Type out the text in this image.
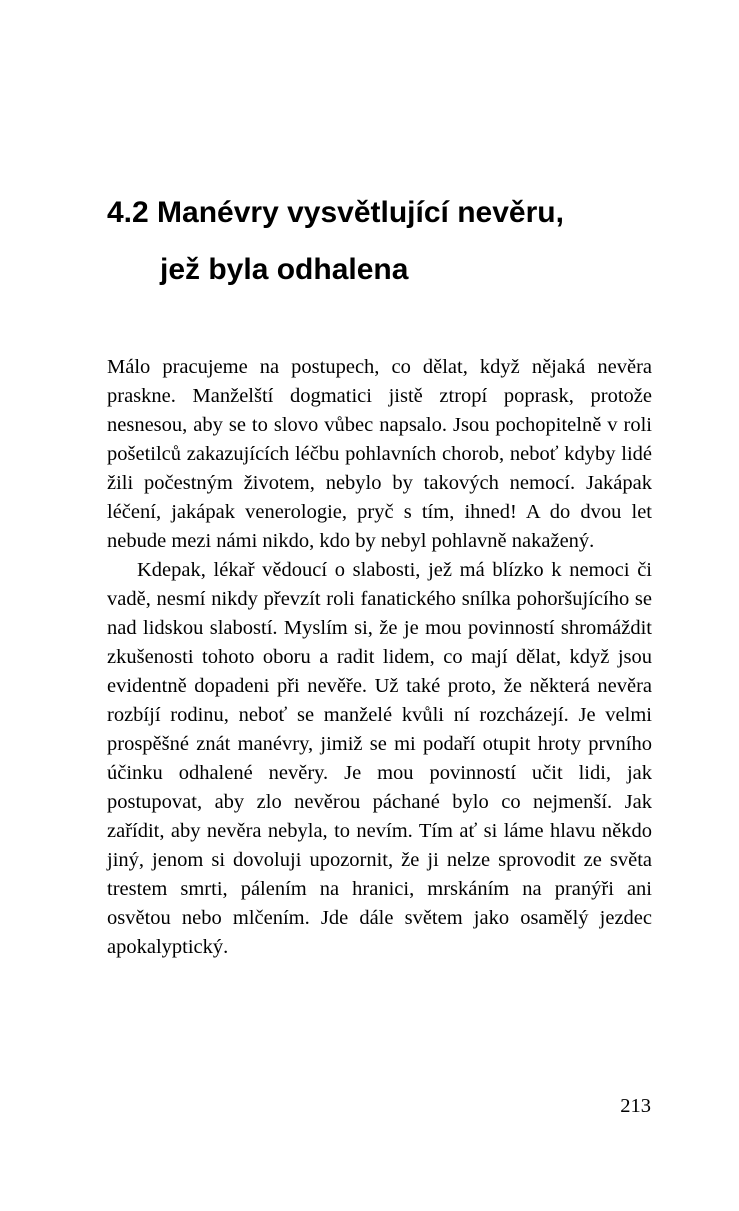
4.2 Manévry vysvětlující nevěru,
jež byla odhalena

Málo pracujeme na postupech, co dělat, když nějaká nevěra praskne. Manželští dogmatici jistě ztropí poprask, protože nesnesou, aby se to slovo vůbec napsalo. Jsou pochopitelně v roli pošetilců zakazujících léčbu pohlavních chorob, neboť kdyby lidé žili počestným životem, nebylo by takových nemocí. Jakápak léčení, jakápak venerologie, pryč s tím, ihned! A do dvou let nebude mezi námi nikdo, kdo by nebyl pohlavně nakažený.

Kdepak, lékař vědoucí o slabosti, jež má blízko k nemoci či vadě, nesmí nikdy převzít roli fanatického snílka pohoršujícího se nad lidskou slabostí. Myslím si, že je mou povinností shromáždit zkušenosti tohoto oboru a radit lidem, co mají dělat, když jsou evidentně dopadeni při nevěře. Už také proto, že některá nevěra rozbíjí rodinu, neboť se manželé kvůli ní rozcházejí. Je velmi prospěšné znát manévry, jimiž se mi podaří otupit hroty prvního účinku odhalené nevěry. Je mou povinností učit lidi, jak postupovat, aby zlo nevěrou páchané bylo co nejmenší. Jak zařídit, aby nevěra nebyla, to nevím. Tím ať si láme hlavu někdo jiný, jenom si dovoluji upozornit, že ji nelze sprovodit ze světa trestem smrti, pálením na hranici, mrskáním na pranýři ani osvětou nebo mlčením. Jde dále světem jako osamělý jezdec apokalyptický.

213
